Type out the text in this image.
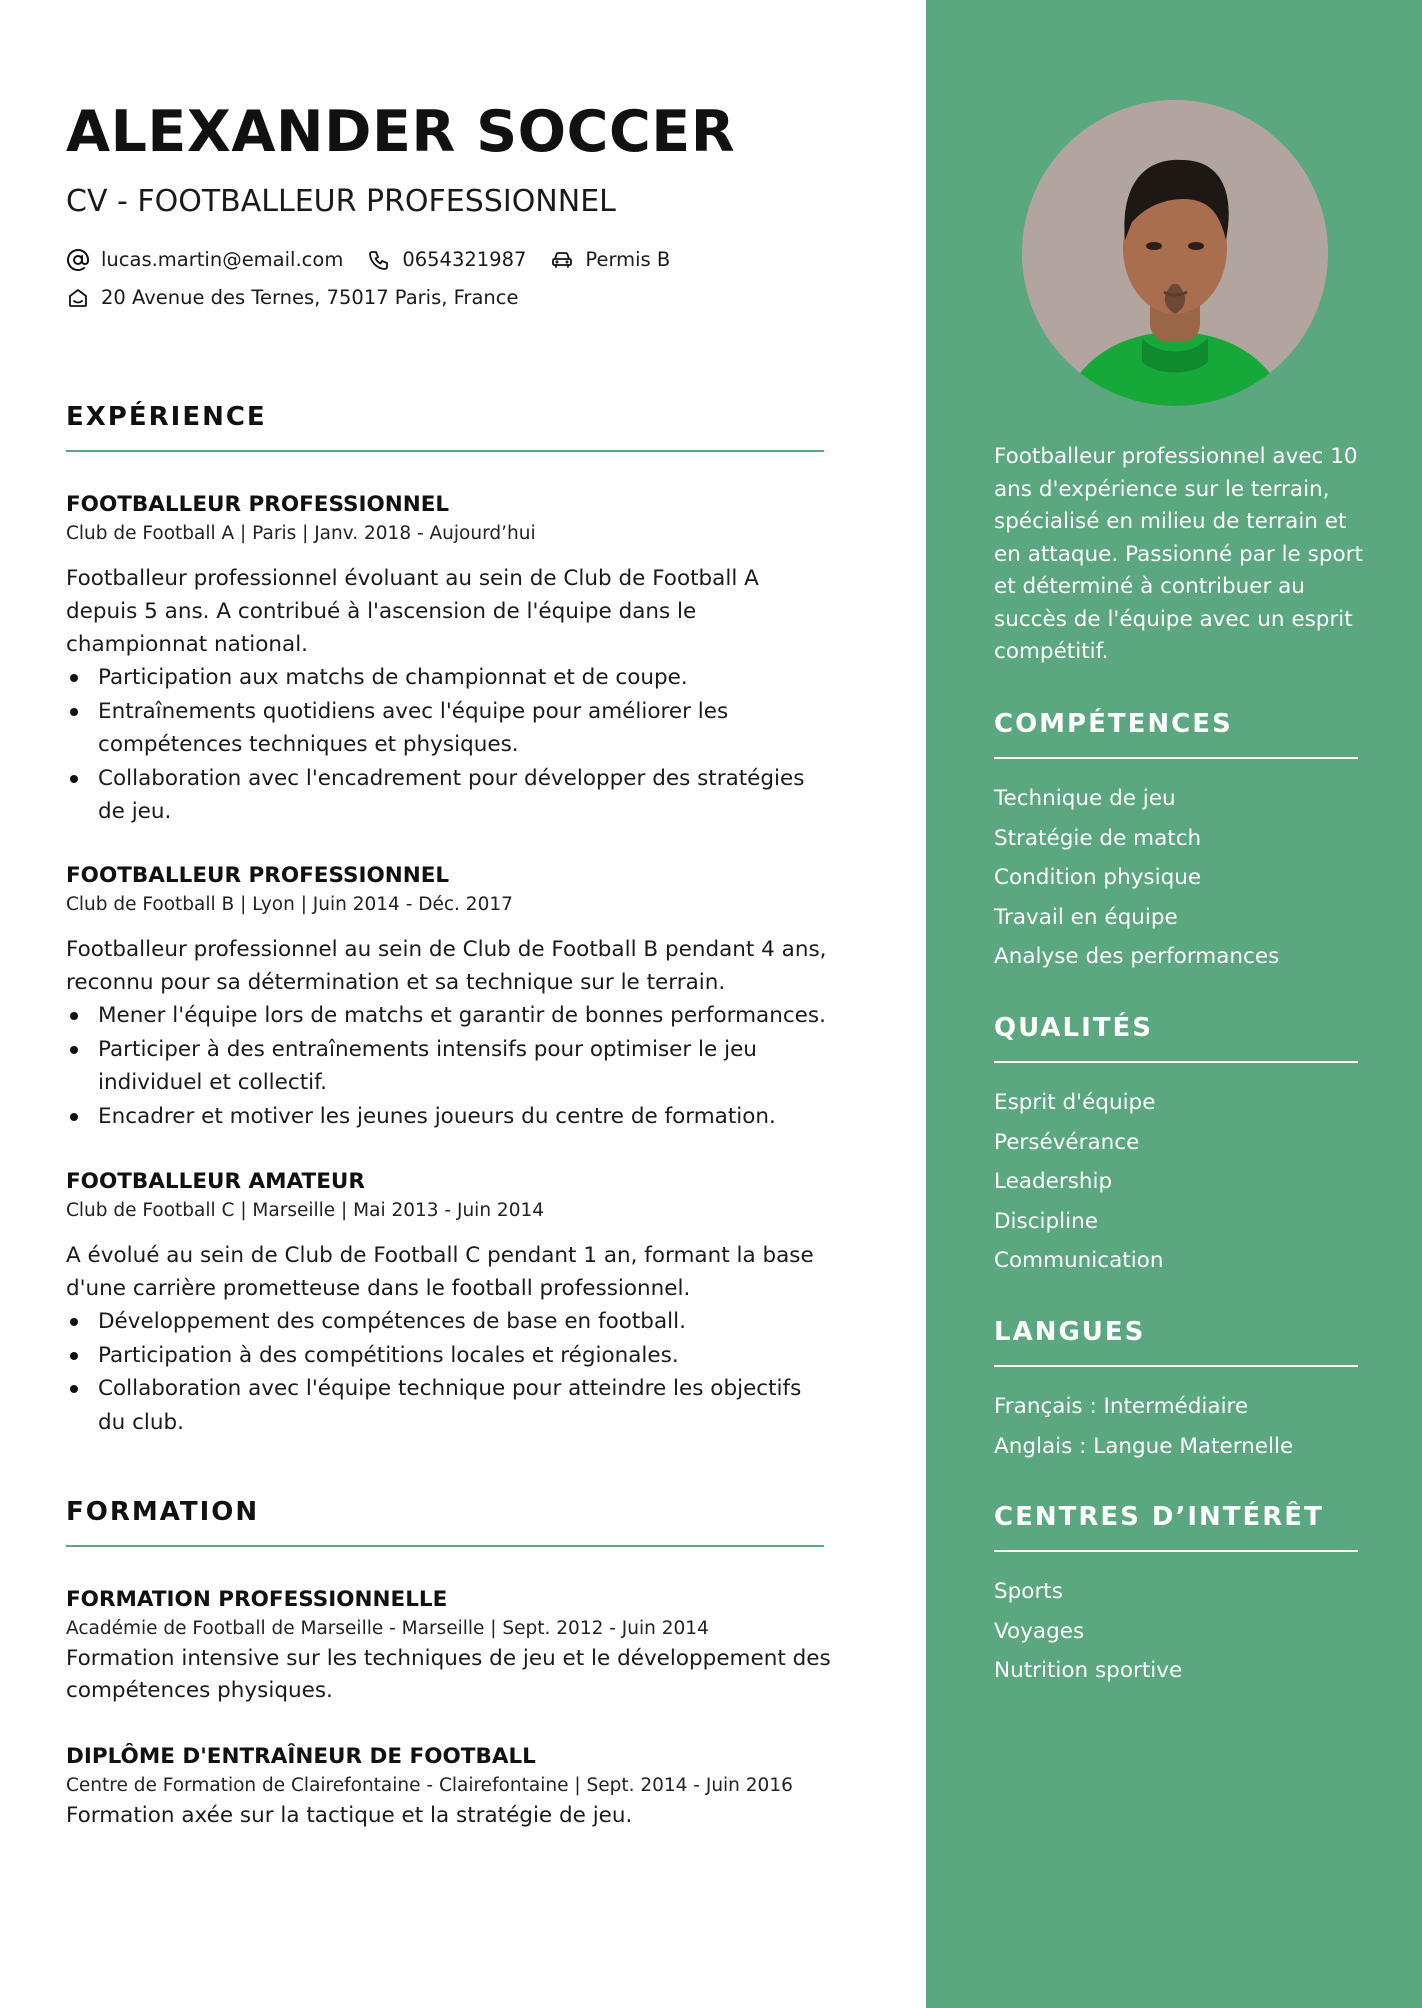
ALEXANDER SOCCER

CV - FOOTBALLEUR PROFESSIONNEL

lucas.martin@email.com	0654321987	Permis B
20 Avenue des Ternes, 75017 Paris, France
EXPÉRIENCE

FOOTBALLEUR PROFESSIONNEL

Club de Football A | Paris | Janv. 2018 - Aujourd’hui

Footballeur professionnel évoluant au sein de Club de Football A depuis 5 ans. A contribué à l'ascension de l'équipe dans le championnat national.

Participation aux matchs de championnat et de coupe.
Entraînements quotidiens avec l'équipe pour améliorer les compétences techniques et physiques.
Collaboration avec l'encadrement pour développer des stratégies de jeu.

FOOTBALLEUR PROFESSIONNEL

Club de Football B | Lyon | Juin 2014 - Déc. 2017

Footballeur professionnel au sein de Club de Football B pendant 4 ans, reconnu pour sa détermination et sa technique sur le terrain.

Mener l'équipe lors de matchs et garantir de bonnes performances.
Participer à des entraînements intensifs pour optimiser le jeu individuel et collectif.
Encadrer et motiver les jeunes joueurs du centre de formation.

FOOTBALLEUR AMATEUR

Club de Football C | Marseille | Mai 2013 - Juin 2014

A évolué au sein de Club de Football C pendant 1 an, formant la base d'une carrière prometteuse dans le football professionnel.

Développement des compétences de base en football.
Participation à des compétitions locales et régionales.
Collaboration avec l'équipe technique pour atteindre les objectifs du club.
FORMATION

FORMATION PROFESSIONNELLE

Académie de Football de Marseille - Marseille | Sept. 2012 - Juin 2014

Formation intensive sur les techniques de jeu et le développement des compétences physiques.

DIPLÔME D'ENTRAÎNEUR DE FOOTBALL

Centre de Formation de Clairefontaine - Clairefontaine | Sept. 2014 - Juin 2016

Formation axée sur la tactique et la stratégie de jeu.

Footballeur professionnel avec 10 ans d'expérience sur le terrain, spécialisé en milieu de terrain et en attaque. Passionné par le sport et déterminé à contribuer au succès de l'équipe avec un esprit compétitif.

COMPÉTENCES
Technique de jeu
Stratégie de match
Condition physique
Travail en équipe
Analyse des performances
QUALITÉS
Esprit d'équipe
Persévérance
Leadership
Discipline
Communication
LANGUES
Français : Intermédiaire
Anglais : Langue Maternelle
CENTRES D’INTÉRÊT
Sports
Voyages
Nutrition sportive
